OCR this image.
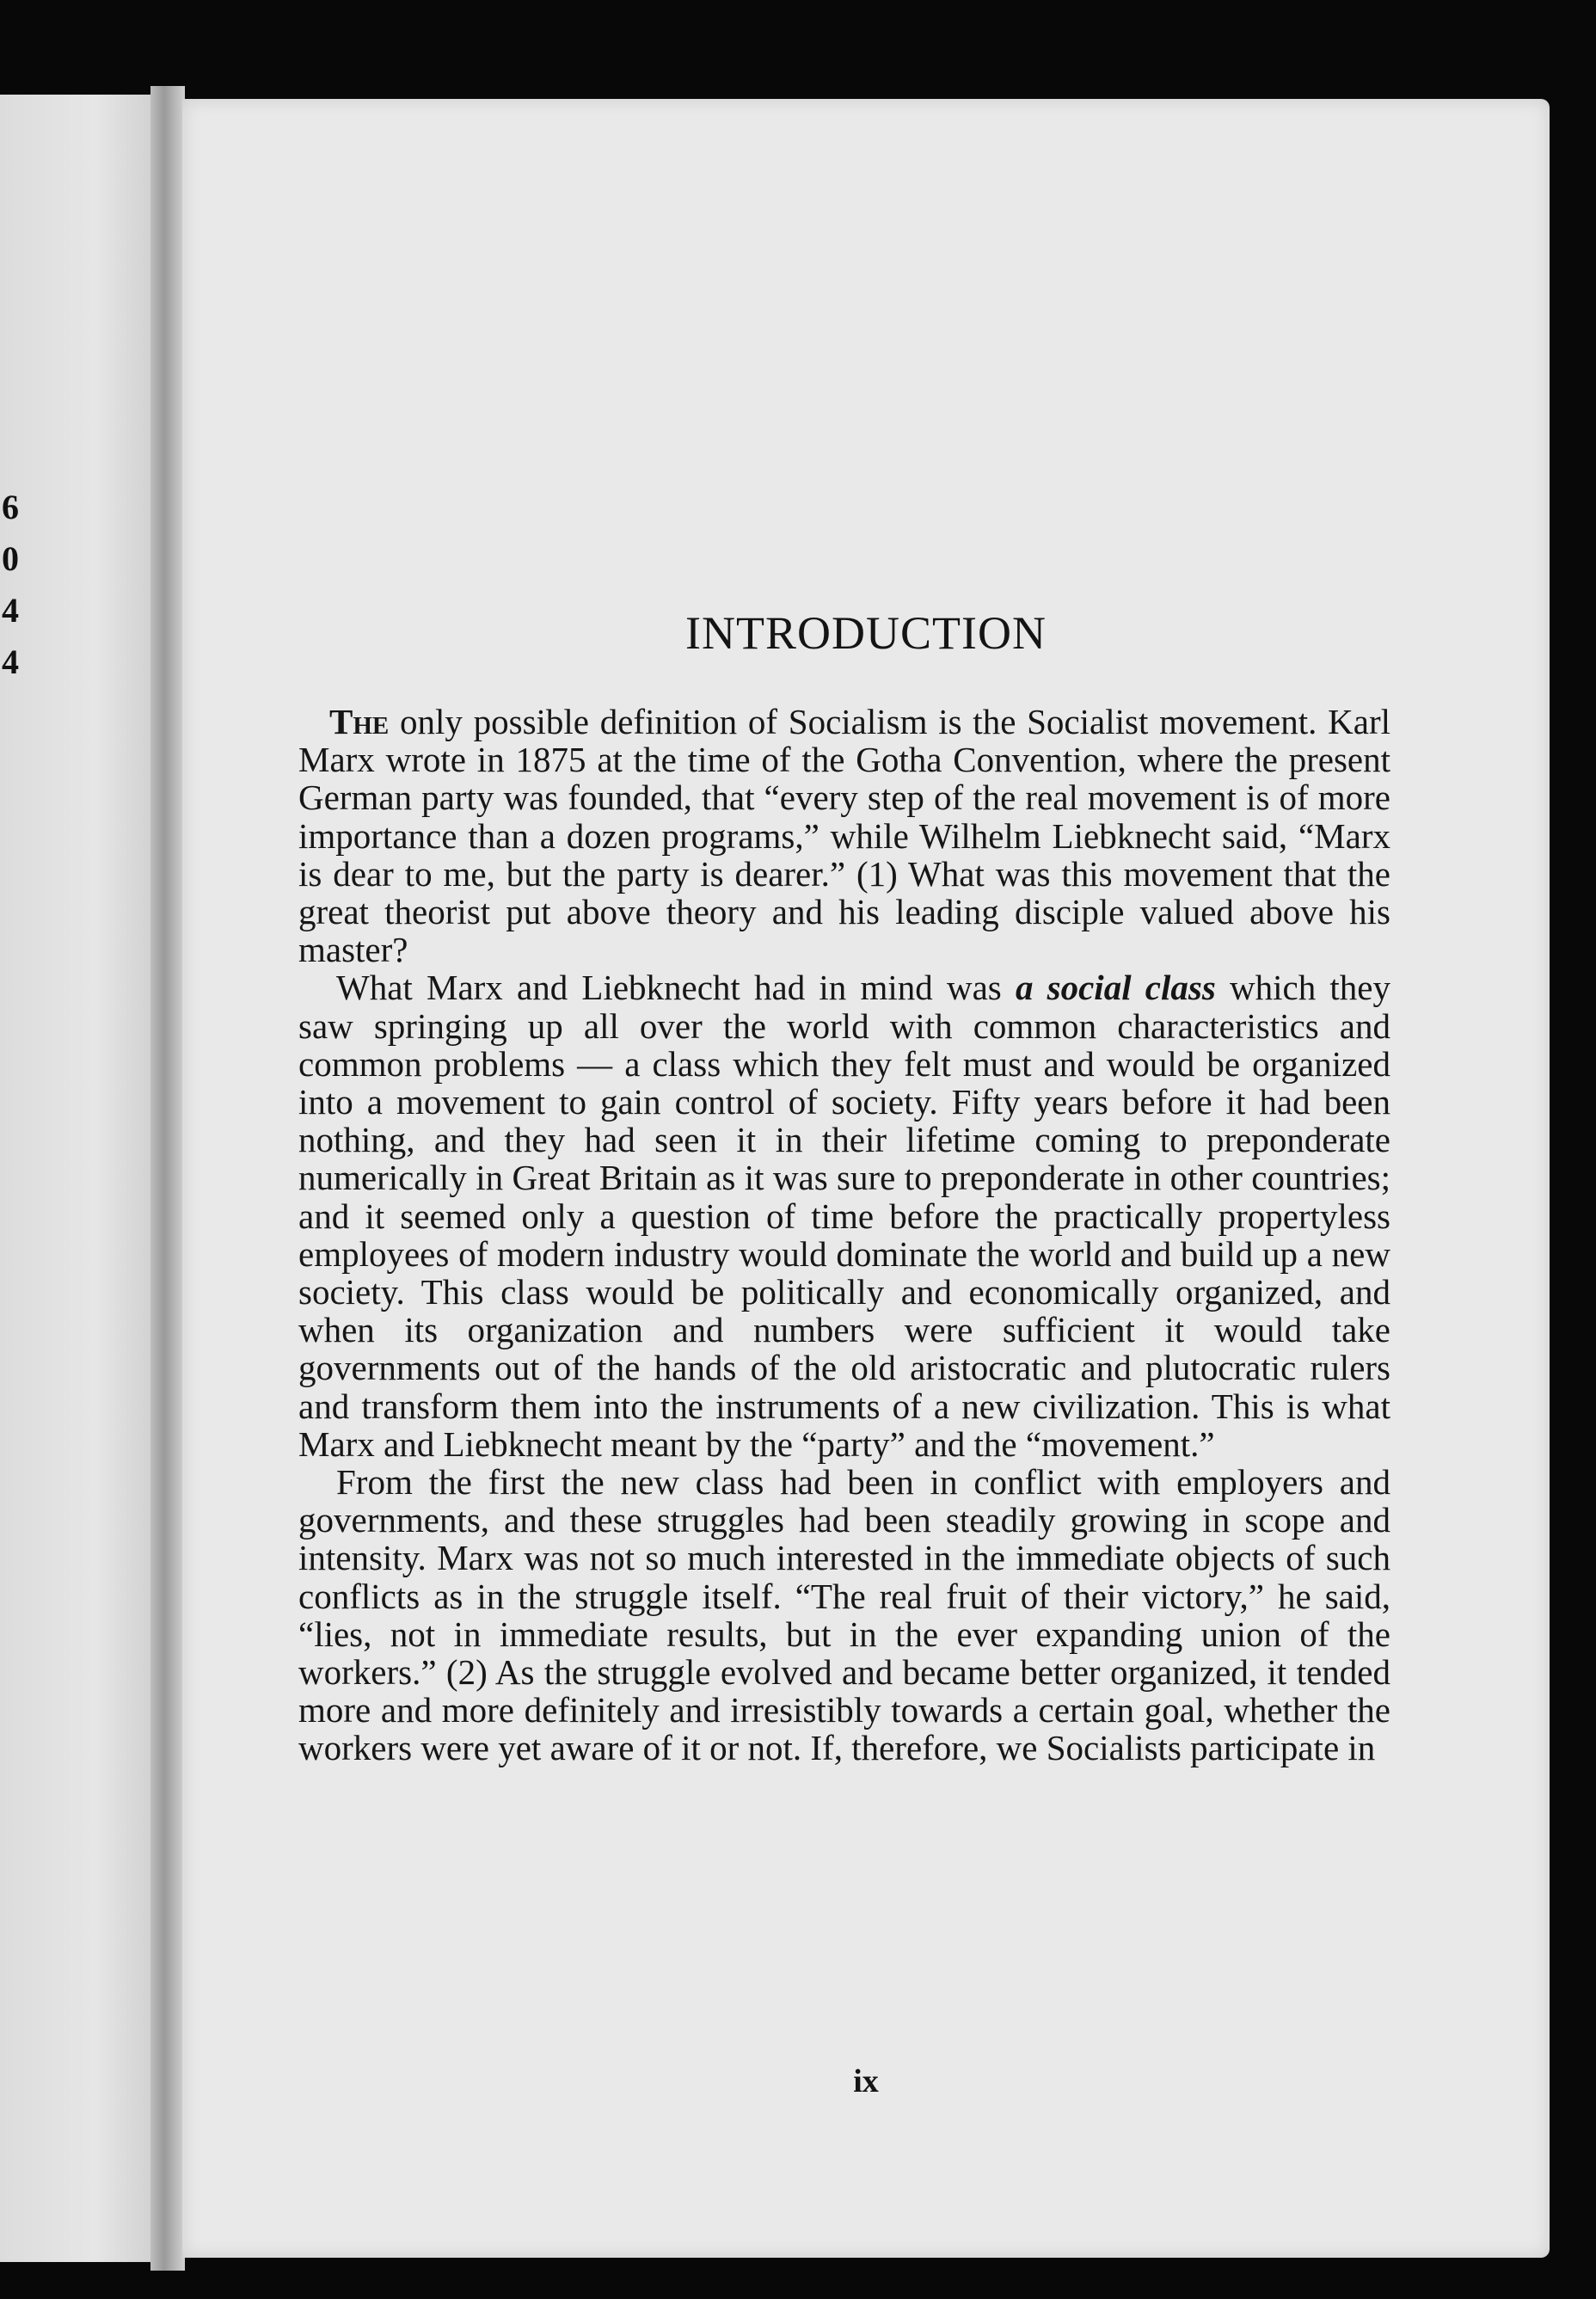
6
0
4
4
INTRODUCTION

The only possible definition of Socialism is the Socialist movement. Karl Marx wrote in 1875 at the time of the Gotha Convention, where the present German party was founded, that “every step of the real movement is of more importance than a dozen programs,” while Wilhelm Liebknecht said, “Marx is dear to me, but the party is dearer.” (1) What was this movement that the great theorist put above theory and his leading disciple valued above his master?

What Marx and Liebknecht had in mind was a social class which they saw springing up all over the world with common characteristics and common problems — a class which they felt must and would be organized into a movement to gain control of society. Fifty years before it had been nothing, and they had seen it in their lifetime coming to preponderate numerically in Great Britain as it was sure to preponderate in other countries; and it seemed only a question of time before the practically propertyless employees of modern industry would dominate the world and build up a new society. This class would be politically and economically organized, and when its organization and numbers were sufficient it would take governments out of the hands of the old aristocratic and plutocratic rulers and transform them into the instruments of a new civilization. This is what Marx and Liebknecht meant by the “party” and the “movement.”

From the first the new class had been in conflict with employers and governments, and these struggles had been steadily growing in scope and intensity. Marx was not so much interested in the immediate objects of such conflicts as in the struggle itself. “The real fruit of their victory,” he said, “lies, not in immediate results, but in the ever expanding union of the workers.” (2) As the struggle evolved and became better organized, it tended more and more definitely and irresistibly towards a certain goal, whether the workers were yet aware of it or not. If, therefore, we Socialists participate in

ix
